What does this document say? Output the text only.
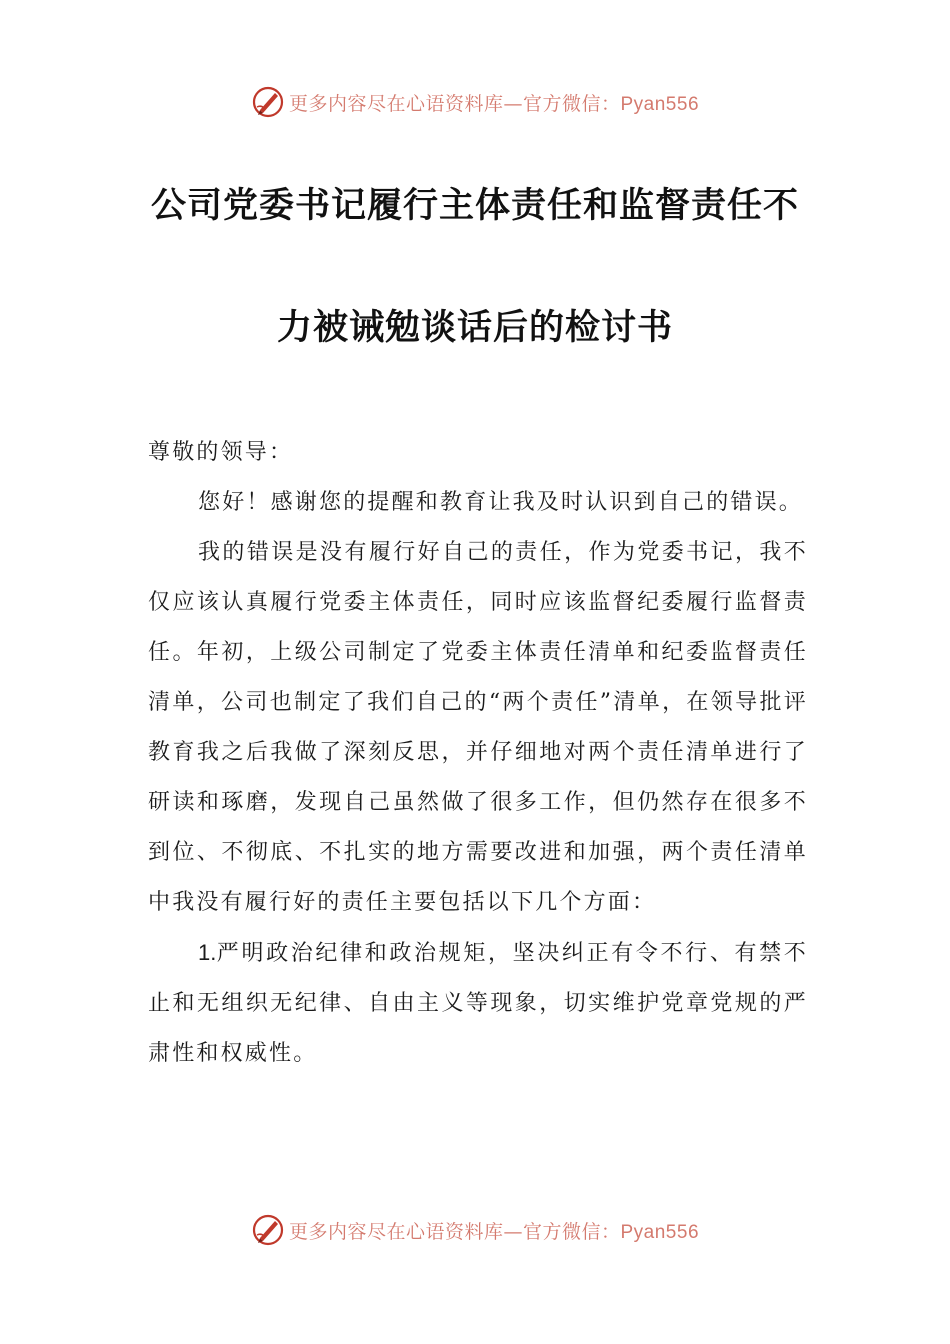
更多内容尽在心语资料库—官方微信：Pyan556
公司党委书记履行主体责任和监督责任不
力被诫勉谈话后的检讨书

尊敬的领导：

您好！感谢您的提醒和教育让我及时认识到自己的错误。

我的错误是没有履行好自己的责任，作为党委书记，我不仅应该认真履行党委主体责任，同时应该监督纪委履行监督责任。年初，上级公司制定了党委主体责任清单和纪委监督责任清单，公司也制定了我们自己的“两个责任”清单，在领导批评教育我之后我做了深刻反思，并仔细地对两个责任清单进行了研读和琢磨，发现自己虽然做了很多工作，但仍然存在很多不到位、不彻底、不扎实的地方需要改进和加强，两个责任清单中我没有履行好的责任主要包括以下几个方面：

1.严明政治纪律和政治规矩，坚决纠正有令不行、有禁不止和无组织无纪律、自由主义等现象，切实维护党章党规的严肃性和权威性。

更多内容尽在心语资料库—官方微信：Pyan556
